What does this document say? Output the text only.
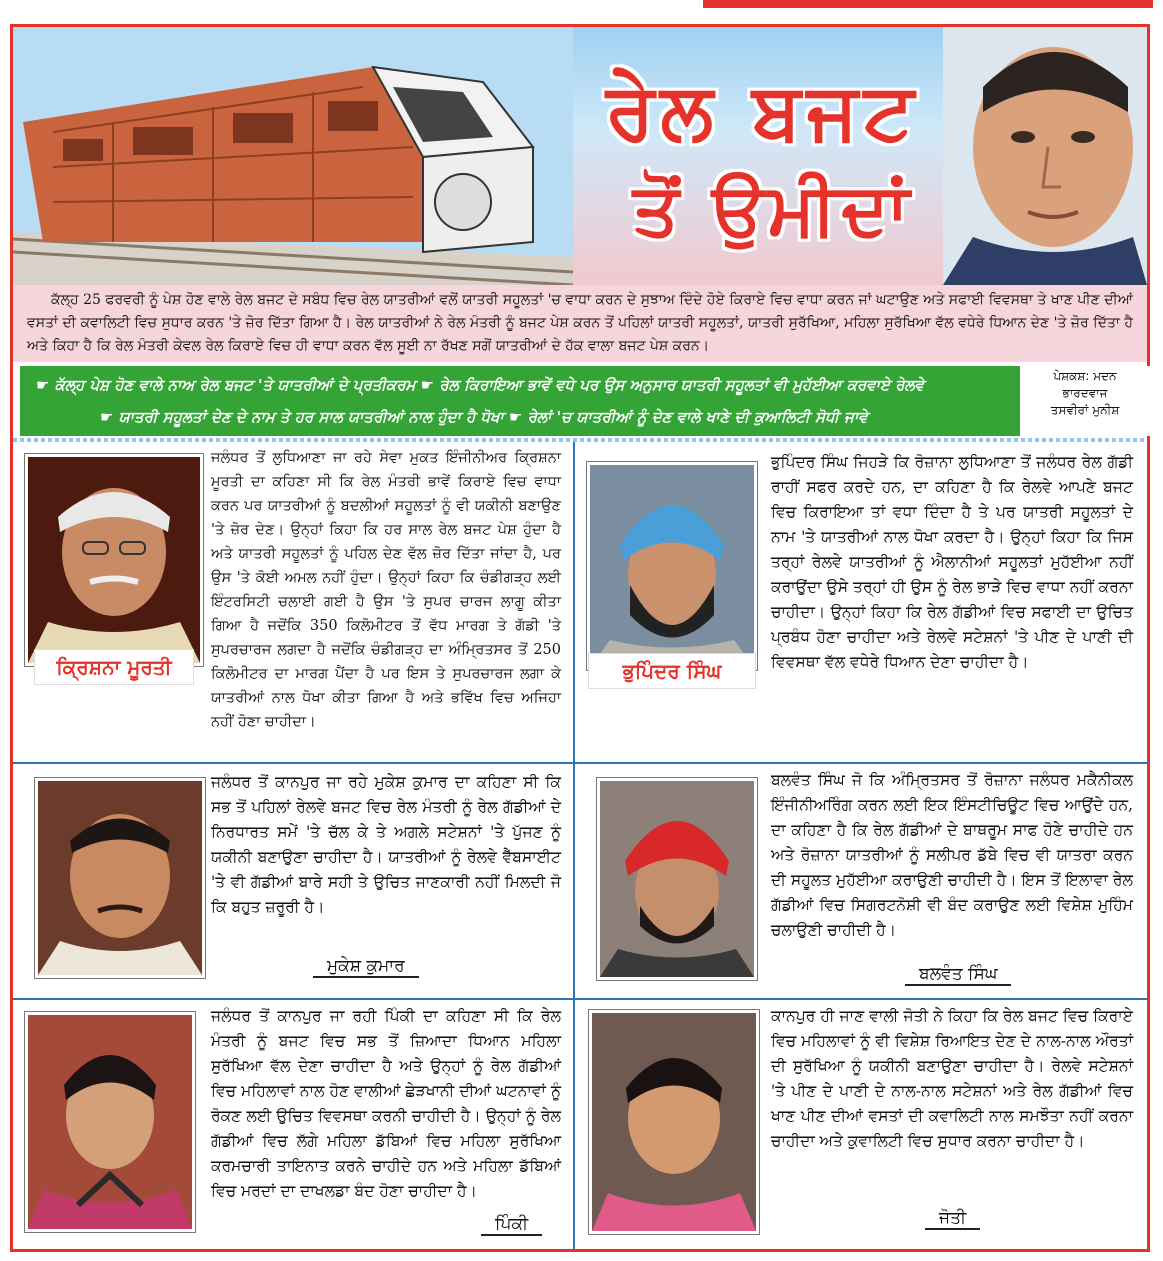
ਰੇਲ ਬਜਟ
ਤੋਂ ਉਮੀਦਾਂ
ਕੱਲ੍ਹ 25 ਫਰਵਰੀ ਨੂੰ ਪੇਸ਼ ਹੋਣ ਵਾਲੇ ਰੇਲ ਬਜਟ ਦੇ ਸਬੰਧ ਵਿਚ ਰੇਲ ਯਾਤਰੀਆਂ ਵਲੋਂ ਯਾਤਰੀ ਸਹੂਲਤਾਂ 'ਚ ਵਾਧਾ ਕਰਨ ਦੇ ਸੁਝਾਅ ਦਿੰਦੇ ਹੋਏ ਕਿਰਾਏ ਵਿਚ ਵਾਧਾ ਕਰਨ ਜਾਂ ਘਟਾਉਣ ਅਤੇ ਸਫਾਈ ਵਿਵਸਥਾ ਤੇ ਖਾਣ ਪੀਣ ਦੀਆਂ ਵਸਤਾਂ ਦੀ ਕਵਾਲਿਟੀ ਵਿਚ ਸੁਧਾਰ ਕਰਨ 'ਤੇ ਜ਼ੋਰ ਦਿੱਤਾ ਗਿਆ ਹੈ। ਰੇਲ ਯਾਤਰੀਆਂ ਨੇ ਰੇਲ ਮੰਤਰੀ ਨੂੰ ਬਜਟ ਪੇਸ਼ ਕਰਨ ਤੋਂ ਪਹਿਲਾਂ ਯਾਤਰੀ ਸਹੂਲਤਾਂ, ਯਾਤਰੀ ਸੁਰੱਖਿਆ, ਮਹਿਲਾ ਸੁਰੱਖਿਆ ਵੱਲ ਵਧੇਰੇ ਧਿਆਨ ਦੇਣ 'ਤੇ ਜ਼ੋਰ ਦਿੱਤਾ ਹੈ ਅਤੇ ਕਿਹਾ ਹੈ ਕਿ ਰੇਲ ਮੰਤਰੀ ਕੇਵਲ ਰੇਲ ਕਿਰਾਏ ਵਿਚ ਹੀ ਵਾਧਾ ਕਰਨ ਵੱਲ ਸੂਈ ਨਾ ਰੱਖਣ ਸਗੋਂ ਯਾਤਰੀਆਂ ਦੇ ਹੱਕ ਵਾਲਾ ਬਜਟ ਪੇਸ਼ ਕਰਨ।
☛ ਕੱਲ੍ਹ ਪੇਸ਼ ਹੋਣ ਵਾਲੇ ਨਾਅ ਰੇਲ ਬਜਟ 'ਤੇ ਯਾਤਰੀਆਂ ਦੇ ਪ੍ਰਤੀਕਰਮ ☛ ਰੇਲ ਕਿਰਾਇਆ ਭਾਵੇਂ ਵਧੇ ਪਰ ਉਸ ਅਨੁਸਾਰ ਯਾਤਰੀ ਸਹੂਲਤਾਂ ਵੀ ਮੁਹੱਈਆ ਕਰਵਾਏ ਰੇਲਵੇ
☛ ਯਾਤਰੀ ਸਹੂਲਤਾਂ ਦੇਣ ਦੇ ਨਾਮ ਤੇ ਹਰ ਸਾਲ ਯਾਤਰੀਆਂ ਨਾਲ ਹੁੰਦਾ ਹੈ ਧੋਖਾ ☛ ਰੇਲਾਂ 'ਚ ਯਾਤਰੀਆਂ ਨੂੰ ਦੇਣ ਵਾਲੇ ਖਾਣੇ ਦੀ ਕੁਆਲਿਟੀ ਸੋਧੀ ਜਾਵੇ
ਪੇਸ਼ਕਸ਼: ਮਦਨ
ਭਾਰਦਵਾਜ
ਤਸਵੀਰਾਂ ਮੁਨੀਸ਼
ਕ੍ਰਿਸ਼ਨਾ ਮੂਰਤੀ
ਜਲੰਧਰ ਤੋਂ ਲੁਧਿਆਣਾ ਜਾ ਰਹੇ ਸੇਵਾ ਮੁਕਤ ਇੰਜੀਨੀਅਰ ਕ੍ਰਿਸ਼ਨਾ ਮੂਰਤੀ ਦਾ ਕਹਿਣਾ ਸੀ ਕਿ ਰੇਲ ਮੰਤਰੀ ਭਾਵੇਂ ਕਿਰਾਏ ਵਿਚ ਵਾਧਾ ਕਰਨ ਪਰ ਯਾਤਰੀਆਂ ਨੂੰ ਬਦਲੀਆਂ ਸਹੂਲਤਾਂ ਨੂੰ ਵੀ ਯਕੀਨੀ ਬਣਾਉਣ 'ਤੇ ਜ਼ੋਰ ਦੇਣ। ਉਨ੍ਹਾਂ ਕਿਹਾ ਕਿ ਹਰ ਸਾਲ ਰੇਲ ਬਜਟ ਪੇਸ਼ ਹੁੰਦਾ ਹੈ ਅਤੇ ਯਾਤਰੀ ਸਹੂਲਤਾਂ ਨੂੰ ਪਹਿਲ ਦੇਣ ਵੱਲ ਜ਼ੋਰ ਦਿੱਤਾ ਜਾਂਦਾ ਹੈ, ਪਰ ਉਸ 'ਤੇ ਕੋਈ ਅਮਲ ਨਹੀਂ ਹੁੰਦਾ। ਉਨ੍ਹਾਂ ਕਿਹਾ ਕਿ ਚੰਡੀਗੜ੍ਹ ਲਈ ਇੰਟਰਸਿਟੀ ਚਲਾਈ ਗਈ ਹੈ ਉਸ 'ਤੇ ਸੁਪਰ ਚਾਰਜ ਲਾਗੂ ਕੀਤਾ ਗਿਆ ਹੈ ਜਦੋਂਕਿ 350 ਕਿਲੋਮੀਟਰ ਤੋਂ ਵੱਧ ਮਾਰਗ ਤੇ ਗੱਡੀ 'ਤੇ ਸੁਪਰਚਾਰਜ ਲਗਦਾ ਹੈ ਜਦੋਂਕਿ ਚੰਡੀਗੜ੍ਹ ਦਾ ਅੰਮ੍ਰਿਤਸਰ ਤੋਂ 250 ਕਿਲੋਮੀਟਰ ਦਾ ਮਾਰਗ ਪੈਂਦਾ ਹੈ ਪਰ ਇਸ ਤੇ ਸੁਪਰਚਾਰਜ ਲਗਾ ਕੇ ਯਾਤਰੀਆਂ ਨਾਲ ਧੋਖਾ ਕੀਤਾ ਗਿਆ ਹੈ ਅਤੇ ਭਵਿੱਖ ਵਿਚ ਅਜਿਹਾ ਨਹੀਂ ਹੋਣਾ ਚਾਹੀਦਾ।
ਭੁਪਿੰਦਰ ਸਿੰਘ
ਭੁਪਿੰਦਰ ਸਿੰਘ ਜਿਹੜੇ ਕਿ ਰੋਜ਼ਾਨਾ ਲੁਧਿਆਣਾ ਤੋਂ ਜਲੰਧਰ ਰੇਲ ਗੱਡੀ ਰਾਹੀਂ ਸਫਰ ਕਰਦੇ ਹਨ, ਦਾ ਕਹਿਣਾ ਹੈ ਕਿ ਰੇਲਵੇ ਆਪਣੇ ਬਜਟ ਵਿਚ ਕਿਰਾਇਆ ਤਾਂ ਵਧਾ ਦਿੰਦਾ ਹੈ ਤੇ ਪਰ ਯਾਤਰੀ ਸਹੂਲਤਾਂ ਦੇ ਨਾਮ 'ਤੇ ਯਾਤਰੀਆਂ ਨਾਲ ਧੋਖਾ ਕਰਦਾ ਹੈ। ਉਨ੍ਹਾਂ ਕਿਹਾ ਕਿ ਜਿਸ ਤਰ੍ਹਾਂ ਰੇਲਵੇ ਯਾਤਰੀਆਂ ਨੂੰ ਐਲਾਨੀਆਂ ਸਹੂਲਤਾਂ ਮੁਹੱਈਆ ਨਹੀਂ ਕਰਾਉਂਦਾ ਉਸੇ ਤਰ੍ਹਾਂ ਹੀ ਉਸ ਨੂੰ ਰੇਲ ਭਾੜੇ ਵਿਚ ਵਾਧਾ ਨਹੀਂ ਕਰਨਾ ਚਾਹੀਦਾ। ਉਨ੍ਹਾਂ ਕਿਹਾ ਕਿ ਰੇਲ ਗੱਡੀਆਂ ਵਿਚ ਸਫਾਈ ਦਾ ਉਚਿਤ ਪ੍ਰਬੰਧ ਹੋਣਾ ਚਾਹੀਦਾ ਅਤੇ ਰੇਲਵੇ ਸਟੇਸ਼ਨਾਂ 'ਤੇ ਪੀਣ ਦੇ ਪਾਣੀ ਦੀ ਵਿਵਸਥਾ ਵੱਲ ਵਧੇਰੇ ਧਿਆਨ ਦੇਣਾ ਚਾਹੀਦਾ ਹੈ।
ਜਲੰਧਰ ਤੋਂ ਕਾਨਪੁਰ ਜਾ ਰਹੇ ਮੁਕੇਸ਼ ਕੁਮਾਰ ਦਾ ਕਹਿਣਾ ਸੀ ਕਿ ਸਭ ਤੋਂ ਪਹਿਲਾਂ ਰੇਲਵੇ ਬਜਟ ਵਿਚ ਰੇਲ ਮੰਤਰੀ ਨੂੰ ਰੇਲ ਗੱਡੀਆਂ ਦੇ ਨਿਰਧਾਰਤ ਸਮੇਂ 'ਤੇ ਚੱਲ ਕੇ ਤੇ ਅਗਲੇ ਸਟੇਸ਼ਨਾਂ 'ਤੇ ਪੁੱਜਣ ਨੂੰ ਯਕੀਨੀ ਬਣਾਉਣਾ ਚਾਹੀਦਾ ਹੈ। ਯਾਤਰੀਆਂ ਨੂੰ ਰੇਲਵੇ ਵੈੱਬਸਾਈਟ 'ਤੇ ਵੀ ਗੱਡੀਆਂ ਬਾਰੇ ਸਹੀ ਤੇ ਉਚਿਤ ਜਾਣਕਾਰੀ ਨਹੀਂ ਮਿਲਦੀ ਜੋ ਕਿ ਬਹੁਤ ਜ਼ਰੂਰੀ ਹੈ।
ਮੁਕੇਸ਼ ਕੁਮਾਰ
ਬਲਵੰਤ ਸਿੰਘ ਜੋ ਕਿ ਅੰਮ੍ਰਿਤਸਰ ਤੋਂ ਰੋਜ਼ਾਨਾ ਜਲੰਧਰ ਮਕੈਨੀਕਲ ਇੰਜੀਨੀਅਰਿੰਗ ਕਰਨ ਲਈ ਇਕ ਇੰਸਟੀਚਿਊਟ ਵਿਚ ਆਉਂਦੇ ਹਨ, ਦਾ ਕਹਿਣਾ ਹੈ ਕਿ ਰੇਲ ਗੱਡੀਆਂ ਦੇ ਬਾਥਰੂਮ ਸਾਫ ਹੋਣੇ ਚਾਹੀਦੇ ਹਨ ਅਤੇ ਰੋਜ਼ਾਨਾ ਯਾਤਰੀਆਂ ਨੂੰ ਸਲੀਪਰ ਡੱਬੇ ਵਿਚ ਵੀ ਯਾਤਰਾ ਕਰਨ ਦੀ ਸਹੂਲਤ ਮੁਹੱਈਆ ਕਰਾਉਣੀ ਚਾਹੀਦੀ ਹੈ। ਇਸ ਤੋਂ ਇਲਾਵਾ ਰੇਲ ਗੱਡੀਆਂ ਵਿਚ ਸਿਗਰਟਨੋਸ਼ੀ ਵੀ ਬੰਦ ਕਰਾਉਣ ਲਈ ਵਿਸ਼ੇਸ਼ ਮੁਹਿੰਮ ਚਲਾਉਣੀ ਚਾਹੀਦੀ ਹੈ।
ਬਲਵੰਤ ਸਿੰਘ
ਜਲੰਧਰ ਤੋਂ ਕਾਨਪੁਰ ਜਾ ਰਹੀ ਪਿੰਕੀ ਦਾ ਕਹਿਣਾ ਸੀ ਕਿ ਰੇਲ ਮੰਤਰੀ ਨੂੰ ਬਜਟ ਵਿਚ ਸਭ ਤੋਂ ਜ਼ਿਆਦਾ ਧਿਆਨ ਮਹਿਲਾ ਸੁਰੱਖਿਆ ਵੱਲ ਦੇਣਾ ਚਾਹੀਦਾ ਹੈ ਅਤੇ ਉਨ੍ਹਾਂ ਨੂੰ ਰੇਲ ਗੱਡੀਆਂ ਵਿਚ ਮਹਿਲਾਵਾਂ ਨਾਲ ਹੋਣ ਵਾਲੀਆਂ ਛੇੜਖਾਨੀ ਦੀਆਂ ਘਟਨਾਵਾਂ ਨੂੰ ਰੋਕਣ ਲਈ ਉਚਿਤ ਵਿਵਸਥਾ ਕਰਨੀ ਚਾਹੀਦੀ ਹੈ। ਉਨ੍ਹਾਂ ਨੂੰ ਰੇਲ ਗੱਡੀਆਂ ਵਿਚ ਲੱਗੇ ਮਹਿਲਾ ਡੱਬਿਆਂ ਵਿਚ ਮਹਿਲਾ ਸੁਰੱਖਿਆ ਕਰਮਚਾਰੀ ਤਾਇਨਾਤ ਕਰਨੇ ਚਾਹੀਦੇ ਹਨ ਅਤੇ ਮਹਿਲਾ ਡੱਬਿਆਂ ਵਿਚ ਮਰਦਾਂ ਦਾ ਦਾਖਲਡਾ ਬੰਦ ਹੋਣਾ ਚਾਹੀਦਾ ਹੈ।
ਪਿੰਕੀ
ਕਾਨਪੁਰ ਹੀ ਜਾਣ ਵਾਲੀ ਜੋਤੀ ਨੇ ਕਿਹਾ ਕਿ ਰੇਲ ਬਜਟ ਵਿਚ ਕਿਰਾਏ ਵਿਚ ਮਹਿਲਾਵਾਂ ਨੂੰ ਵੀ ਵਿਸ਼ੇਸ਼ ਰਿਆਇਤ ਦੇਣ ਦੇ ਨਾਲ-ਨਾਲ ਔਰਤਾਂ ਦੀ ਸੁਰੱਖਿਆ ਨੂੰ ਯਕੀਨੀ ਬਣਾਉਣਾ ਚਾਹੀਦਾ ਹੈ। ਰੇਲਵੇ ਸਟੇਸ਼ਨਾਂ 'ਤੇ ਪੀਣ ਦੇ ਪਾਣੀ ਦੇ ਨਾਲ-ਨਾਲ ਸਟੇਸ਼ਨਾਂ ਅਤੇ ਰੇਲ ਗੱਡੀਆਂ ਵਿਚ ਖਾਣ ਪੀਣ ਦੀਆਂ ਵਸਤਾਂ ਦੀ ਕਵਾਲਿਟੀ ਨਾਲ ਸਮਝੌਤਾ ਨਹੀਂ ਕਰਨਾ ਚਾਹੀਦਾ ਅਤੇ ਕੁਵਾਲਿਟੀ ਵਿਚ ਸੁਧਾਰ ਕਰਨਾ ਚਾਹੀਦਾ ਹੈ।
ਜੋਤੀ
